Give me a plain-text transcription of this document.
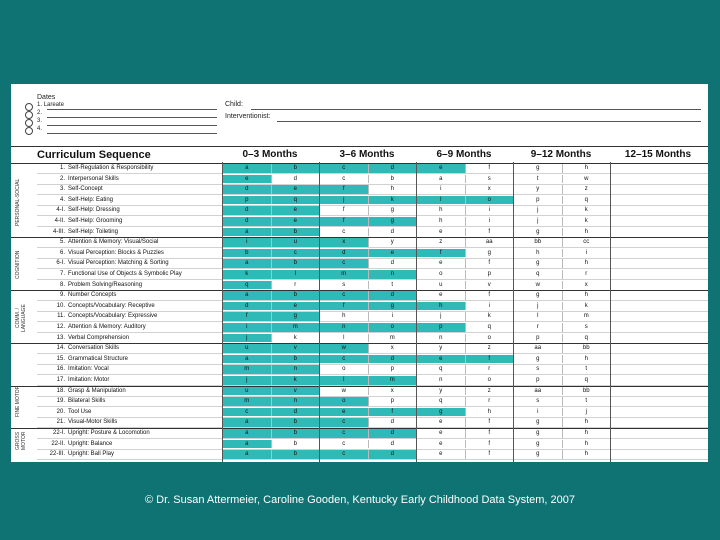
Dates
1. Lareate
2.
3.
4.
Child:
Interventionist:
Curriculum Sequence	0–3 Months	3–6 Months	6–9 Months	9–12 Months	12–15 Months
1. Self-Regulation & Responsibility	a	b	c	d	e	f	g	h
2. Interpersonal Skills	e	d	c	b	a	s	t	w
3. Self-Concept	d	e	f	h	i	x	y	z
4. Self-Help: Eating	p	q	j	k	l	o	p	q
4-I. Self-Help: Dressing	d	e	f	g	h	i	j	k
4-II. Self-Help: Grooming	d	e	f	g	h	i	j	k
4-III. Self-Help: Toileting	a	b	c	d	e	f	g	h
5. Attention & Memory: Visual/Social	i	u	x	y	z	aa	bb	cc
6. Visual Perception: Blocks & Puzzles	b	c	d	e	f	g	h	i
6-I. Visual Perception: Matching & Sorting	a	b	c	d	e	f	g	h
7. Functional Use of Objects & Symbolic Play	k	l	m	n	o	p	q	r
8. Problem Solving/Reasoning	q	r	s	t	u	v	w	x
9. Number Concepts	a	b	c	d	e	f	g	h
10. Concepts/Vocabulary: Receptive	d	e	f	g	h	i	j	k
11. Concepts/Vocabulary: Expressive	f	g	h	i	j	k	l	m
12. Attention & Memory: Auditory	i	m	n	o	p	q	r	s
13. Verbal Comprehension	j	k	l	m	n	o	p	q
14. Conversation Skills	u	v	w	x	y	z	aa	bb
15. Grammatical Structure	a	b	c	d	e	f	g	h
16. Imitation: Vocal	m	n	o	p	q	r	s	t
17. Imitation: Motor	j	k	l	m	n	o	p	q
18. Grasp & Manipulation	u	v	w	x	y	z	aa	bb
19. Bilateral Skills	m	n	o	p	q	r	s	t
20. Tool Use	c	d	e	f	g	h	i	j
21. Visual-Motor Skills	a	b	c	d	e	f	g	h
22-I. Upright: Posture & Locomotion	a	b	c	d	e	f	g	h
22-II. Upright: Balance	a	b	c	d	e	f	g	h
22-III. Upright: Ball Play	a	b	c	d	e	f	g	h
PERSONAL-SOCIAL
COGNITION
COMM. / LANGUAGE
FINE MOTOR
GROSS MOTOR
© Dr. Susan Attermeier, Caroline Gooden, Kentucky Early Childhood Data System, 2007
